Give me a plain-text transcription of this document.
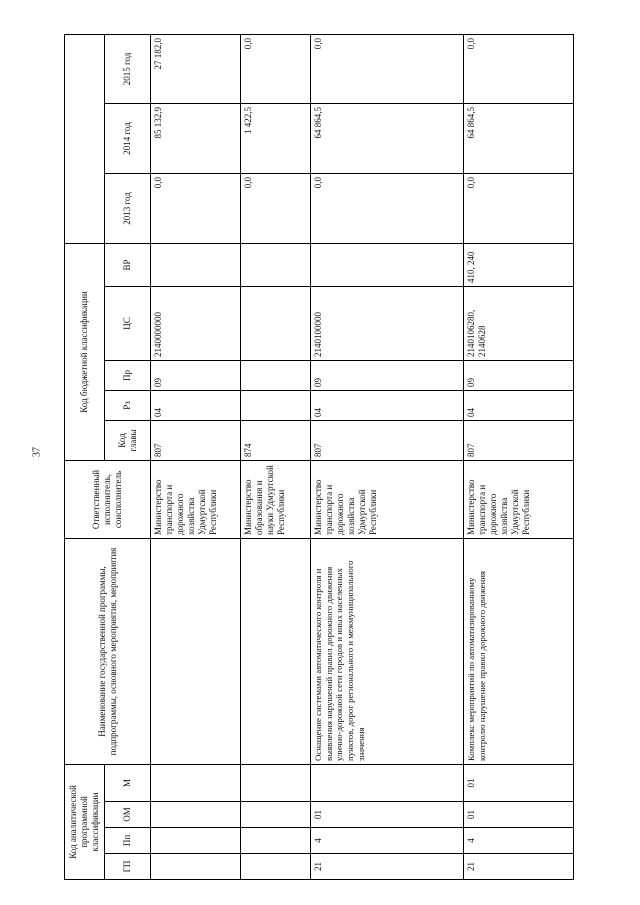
37
Код аналитической программной классификации				Наименование государственной программы, подпрограммы, основного мероприятия, мероприятия	Ответственный исполнитель, соисполнитель	Код бюджетной классификации							
ГП	Пп	ОМ	М			Код главы	Рз	Пр	ЦС	ВР	2013 год	2014 год	2015 год
					Министерство транспорта и дорожного хозяйства Удмуртской Республики	807	04	09	2140000000		0,0	85 132,9	27 182,0
					Министерство образования и науки Удмуртской Республики	874					0,0	1 422,5	0,0
21	4	01		Оснащение системами автоматического контроля и выявления нарушений правил дорожного движения улично-дорожной сети городов и иных населенных пунктов, дорог регионального и межмуниципального значения	Министерство транспорта и дорожного хозяйства Удмуртской Республики	807	04	09	2140100000		0,0	64 864,5	0,0
21	4	01	01	Комплекс мероприятий по автоматизированному контролю нарушение правил дорожного движения	Министерство транспорта и дорожного хозяйства Удмуртской Республики	807	04	09	2140106280, 2140628	410, 240	0,0	64 864,5	0,0
